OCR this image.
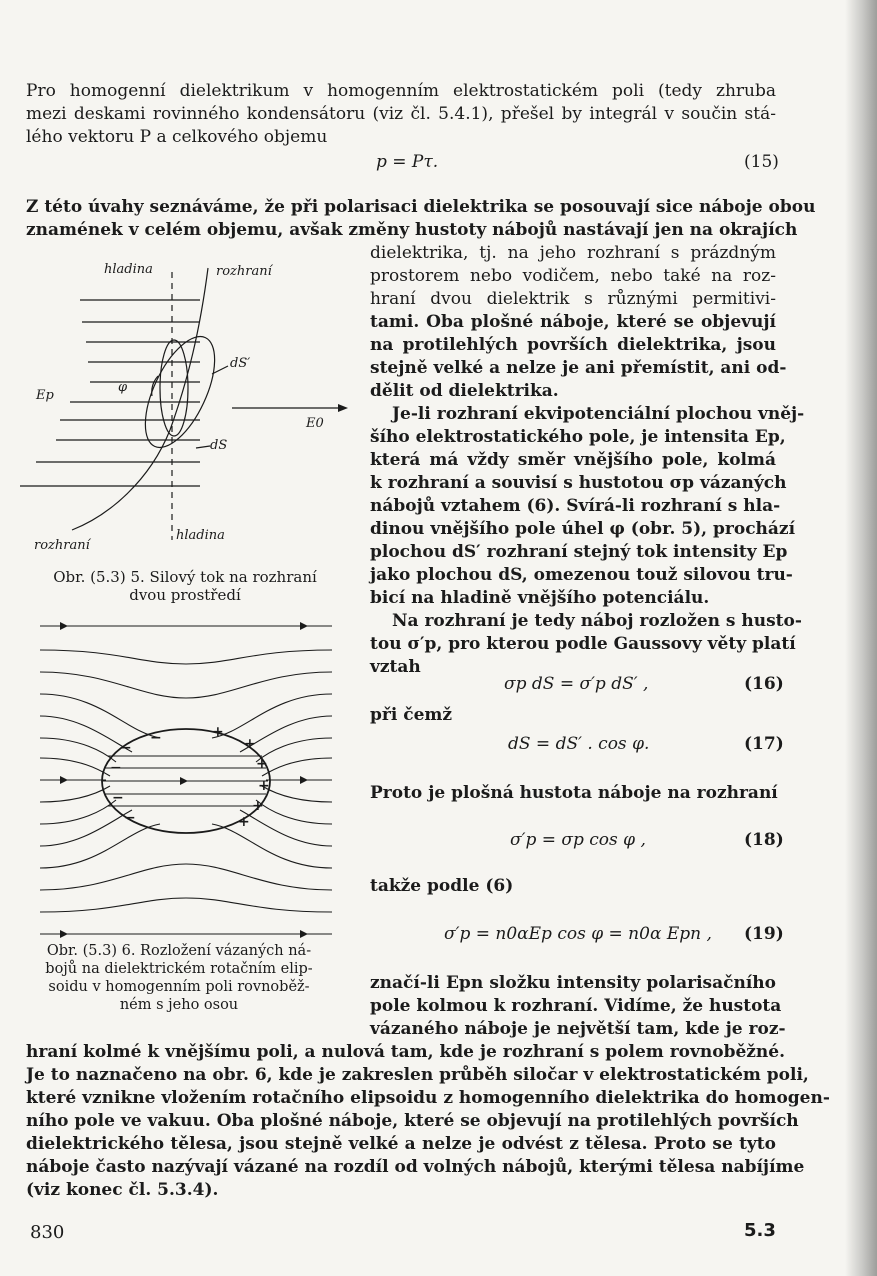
Pro homogenní dielektrikum v homogenním elektrostatickém poli (tedy zhruba
mezi deskami rovinného kondensátoru (viz čl. 5.4.1), přešel by integrál v součin stá-
lého vektoru P a celkového objemu
p = Pτ.	(15)
Z této úvahy seznáváme, že při polarisaci dielektrika se posouvají sice náboje obou
znamének v celém objemu, avšak změny hustoty nábojů nastávají jen na okrajích
dielektrika, tj. na jeho rozhraní s prázdným
prostorem nebo vodičem, nebo také na roz-
hraní dvou dielektrik s různými permitivi-
tami. Oba plošné náboje, které se objevují
na protilehlých površích dielektrika, jsou
stejně velké a nelze je ani přemístit, ani od-
dělit od dielektrika.
Je-li rozhraní ekvipotenciální plochou vněj-
šího elektrostatického pole, je intensita Ep,
která má vždy směr vnějšího pole, kolmá
k rozhraní a souvisí s hustotou σp vázaných
nábojů vztahem (6). Svírá-li rozhraní s hla-
dinou vnějšího pole úhel φ (obr. 5), prochází
plochou dS′ rozhraní stejný tok intensity Ep
jako plochou dS, omezenou touž silovou tru-
bicí na hladině vnějšího potenciálu.
Na rozhraní je tedy náboj rozložen s husto-
tou σ′p, pro kterou podle Gaussovy věty platí
vztah
σp dS = σ′p dS′ ,	(16)
při čemž
dS = dS′ . cos φ.	(17)
Proto je plošná hustota náboje na rozhraní
σ′p = σp cos φ ,	(18)
takže podle (6)
σ′p = n0αEp cos φ = n0α Epn , (19)
značí-li Epn složku intensity polarisačního
pole kolmou k rozhraní. Vidíme, že hustota
vázaného náboje je největší tam, kde je roz-
hraní kolmé k vnějšímu poli, a nulová tam, kde je rozhraní s polem rovnoběžné.
Je to naznačeno na obr. 6, kde je zakreslen průběh siločar v elektrostatickém poli,
které vznikne vložením rotačního elipsoidu z homogenního dielektrika do homogen-
ního pole ve vakuu. Oba plošné náboje, které se objevují na protilehlých površích
dielektrického tělesa, jsou stejně velké a nelze je odvést z tělesa. Proto se tyto
náboje často nazývají vázané na rozdíl od volných nábojů, kterými tělesa nabíjíme
(viz konec čl. 5.3.4).
hladina	rozhraní
dS′
Ep
φ
E0
dS
rozhraní
hladina
Obr. (5.3) 5. Silový tok na rozhraní
dvou prostředí
−
−
−
−
−	+
+
+
+
+
+
Obr. (5.3) 6. Rozložení vázaných ná-
bojů na dielektrickém rotačním elip-
soidu v homogenním poli rovnoběž-
ném s jeho osou
830	5.3
